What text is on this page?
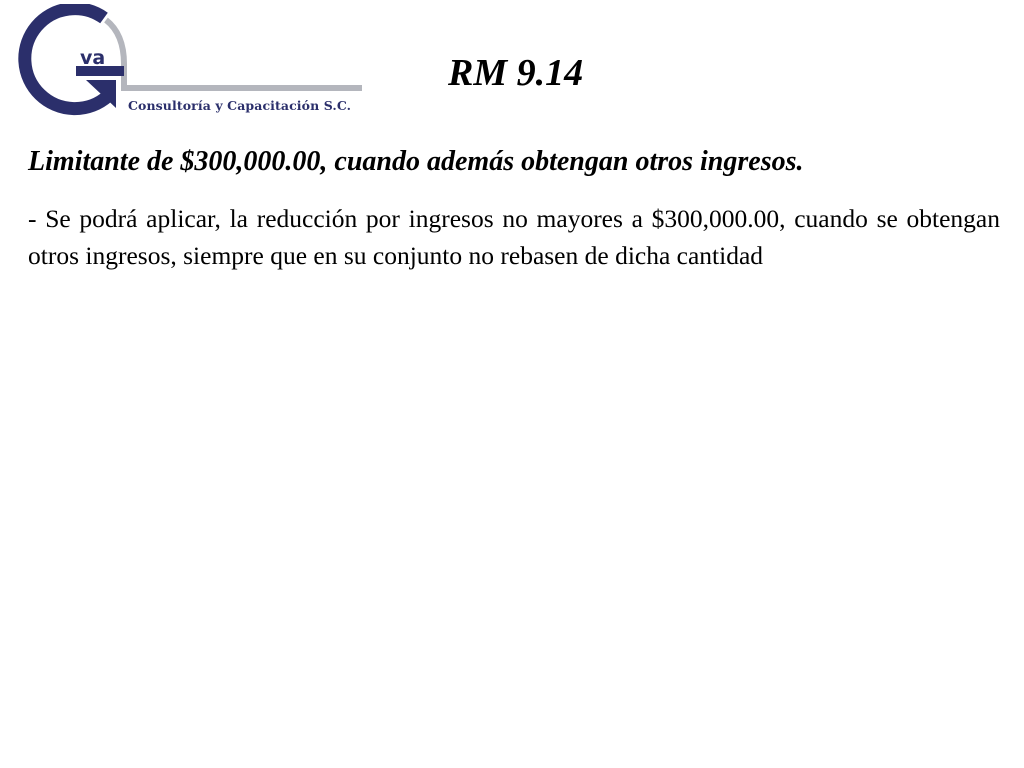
va
Consultoría y Capacitación S.C.
RM 9.14

Limitante de $300,000.00, cuando además obtengan otros ingresos.

- Se podrá aplicar, la reducción por ingresos no mayores a $300,000.00, cuando se obtengan otros ingresos, siempre que en su conjunto no rebasen de dicha cantidad
